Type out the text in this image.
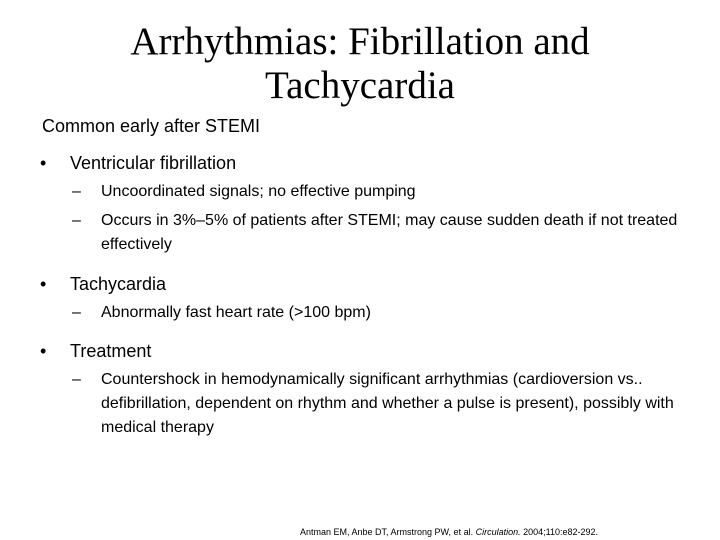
Arrhythmias: Fibrillation and
Tachycardia
Common early after STEMI
• Ventricular fibrillation
– Uncoordinated signals; no effective pumping
– Occurs in 3%–5% of patients after STEMI; may cause sudden death if not treated effectively
• Tachycardia
– Abnormally fast heart rate (>100 bpm)
• Treatment
– Countershock in hemodynamically significant arrhythmias (cardioversion vs.. defibrillation, dependent on rhythm and whether a pulse is present), possibly with medical therapy
Antman EM, Anbe DT, Armstrong PW, et al. Circulation. 2004;110:e82-292.
